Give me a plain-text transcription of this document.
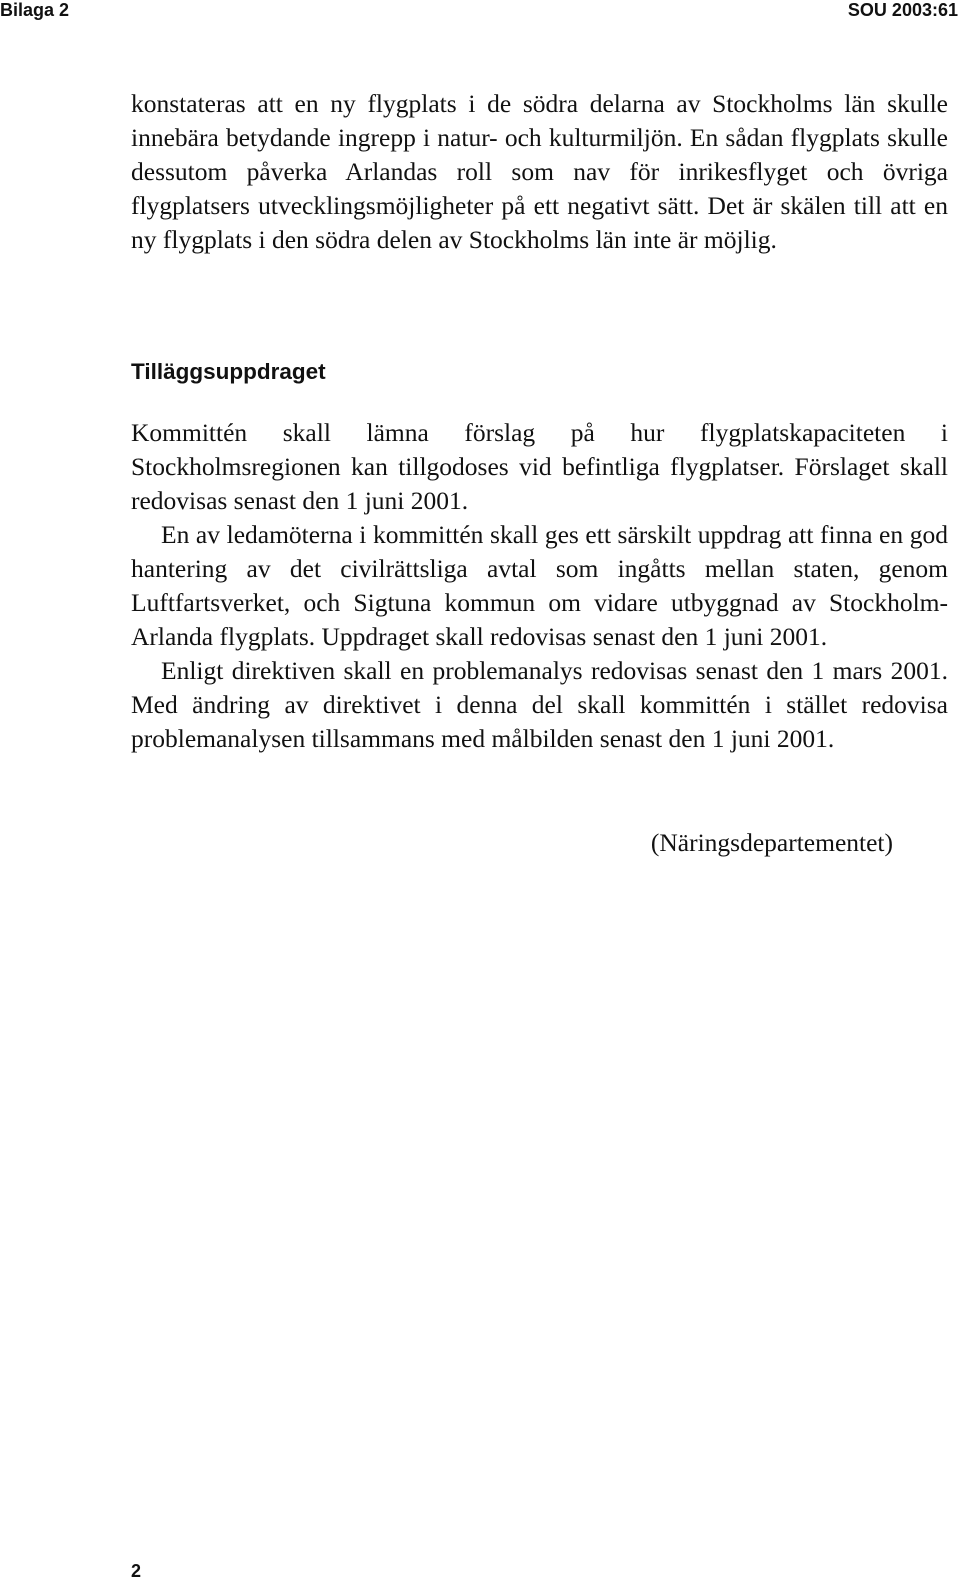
Bilaga 2	SOU 2003:61

konstateras att en ny flygplats i de södra delarna av Stockholms län skulle innebära betydande ingrepp i natur- och kulturmiljön. En sådan flygplats skulle dessutom påverka Arlandas roll som nav för inrikesflyget och övriga flygplatsers utvecklingsmöjligheter på ett negativt sätt. Det är skälen till att en ny flygplats i den södra delen av Stockholms län inte är möjlig.

Tilläggsuppdraget

Kommittén skall lämna förslag på hur flygplatskapaciteten i Stockholmsregionen kan tillgodoses vid befintliga flygplatser. Förslaget skall redovisas senast den 1 juni 2001.

En av ledamöterna i kommittén skall ges ett särskilt uppdrag att finna en god hantering av det civilrättsliga avtal som ingåtts mellan staten, genom Luftfartsverket, och Sigtuna kommun om vidare utbyggnad av Stockholm-Arlanda flygplats. Uppdraget skall redovisas senast den 1 juni 2001.

Enligt direktiven skall en problemanalys redovisas senast den 1 mars 2001. Med ändring av direktivet i denna del skall kommittén i stället redovisa problemanalysen tillsammans med målbilden senast den 1 juni 2001.

(Näringsdepartementet)
2
